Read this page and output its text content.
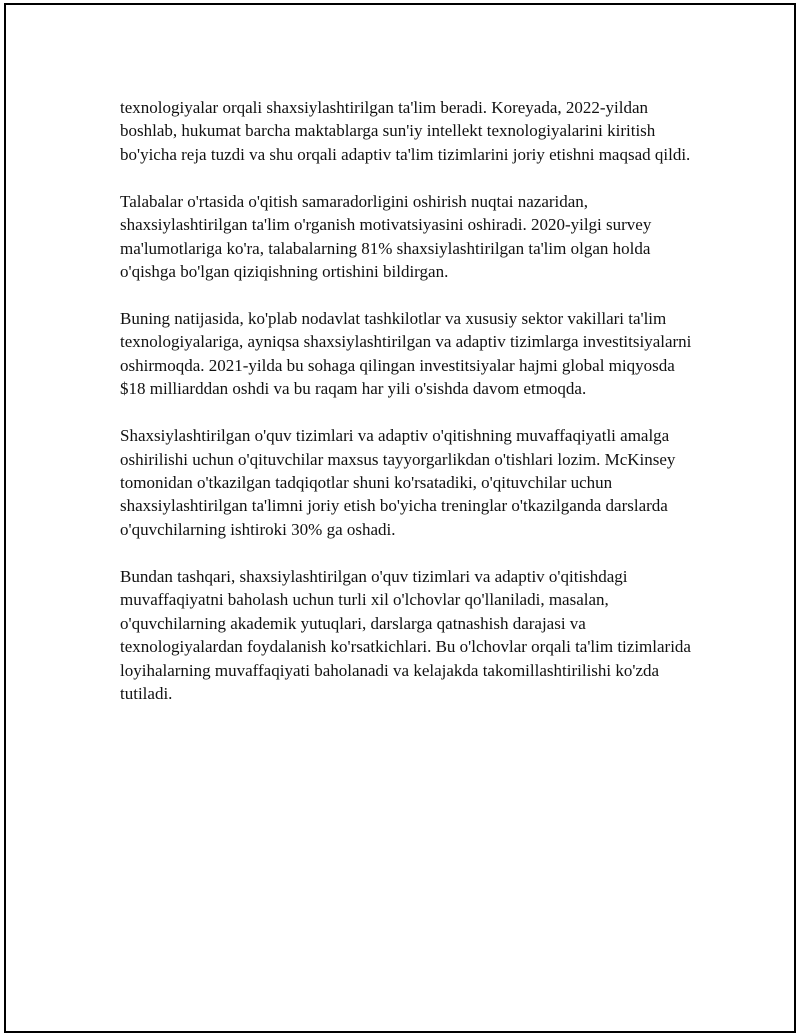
texnologiyalar orqali shaxsiylashtirilgan ta'lim beradi. Koreyada, 2022-yildan boshlab, hukumat barcha maktablarga sun'iy intellekt texnologiyalarini kiritish bo'yicha reja tuzdi va shu orqali adaptiv ta'lim tizimlarini joriy etishni maqsad qildi.

Talabalar o'rtasida o'qitish samaradorligini oshirish nuqtai nazaridan, shaxsiylashtirilgan ta'lim o'rganish motivatsiyasini oshiradi. 2020-yilgi survey ma'lumotlariga ko'ra, talabalarning 81% shaxsiylashtirilgan ta'lim olgan holda o'qishga bo'lgan qiziqishning ortishini bildirgan.

Buning natijasida, ko'plab nodavlat tashkilotlar va xususiy sektor vakillari ta'lim texnologiyalariga, ayniqsa shaxsiylashtirilgan va adaptiv tizimlarga investitsiyalarni oshirmoqda. 2021-yilda bu sohaga qilingan investitsiyalar hajmi global miqyosda $18 milliarddan oshdi va bu raqam har yili o'sishda davom etmoqda.

Shaxsiylashtirilgan o'quv tizimlari va adaptiv o'qitishning muvaffaqiyatli amalga oshirilishi uchun o'qituvchilar maxsus tayyorgarlikdan o'tishlari lozim. McKinsey tomonidan o'tkazilgan tadqiqotlar shuni ko'rsatadiki, o'qituvchilar uchun shaxsiylashtirilgan ta'limni joriy etish bo'yicha treninglar o'tkazilganda darslarda o'quvchilarning ishtiroki 30% ga oshadi.

Bundan tashqari, shaxsiylashtirilgan o'quv tizimlari va adaptiv o'qitishdagi muvaffaqiyatni baholash uchun turli xil o'lchovlar qo'llaniladi, masalan, o'quvchilarning akademik yutuqlari, darslarga qatnashish darajasi va texnologiyalardan foydalanish ko'rsatkichlari. Bu o'lchovlar orqali ta'lim tizimlarida loyihalarning muvaffaqiyati baholanadi va kelajakda takomillashtirilishi ko'zda tutiladi.
